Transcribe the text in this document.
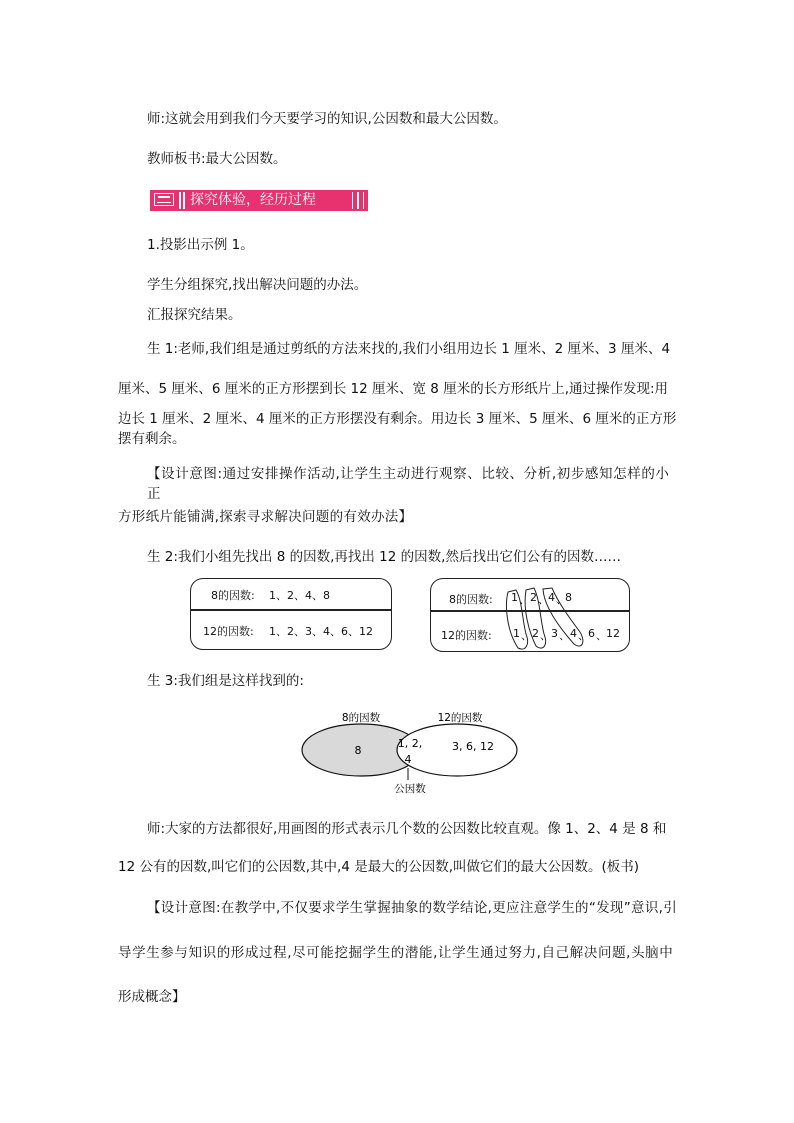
师:这就会用到我们今天要学习的知识,公因数和最大公因数。
教师板书:最大公因数。
探究体验，经历过程
1.投影出示例 1。
学生分组探究,找出解决问题的办法。
汇报探究结果。
生 1:老师,我们组是通过剪纸的方法来找的,我们小组用边长 1 厘米、2 厘米、3 厘米、4
厘米、5 厘米、6 厘米的正方形摆到长 12 厘米、宽 8 厘米的长方形纸片上,通过操作发现:用
边长 1 厘米、2 厘米、4 厘米的正方形摆没有剩余。用边长 3 厘米、5 厘米、6 厘米的正方形
摆有剩余。
【设计意图:通过安排操作活动,让学生主动进行观察、比较、分析,初步感知怎样的小正
方形纸片能铺满,探索寻求解决问题的有效办法】
生 2:我们小组先找出 8 的因数,再找出 12 的因数,然后找出它们公有的因数……
8的因数: 1、2、4、8
12的因数: 1、2、3、4、6、12
8的因数:
12的因数:
1 、 2 、 4 、
8
1 、 2 、 3 、 4 、 6 、 12
生 3:我们组是这样找到的:
8的因数	12的因数
8
1, 2,
4
3, 6, 12
公因数
师:大家的方法都很好,用画图的形式表示几个数的公因数比较直观。像 1、2、4 是 8 和
12 公有的因数,叫它们的公因数,其中,4 是最大的公因数,叫做它们的最大公因数。(板书)
【设计意图:在教学中,不仅要求学生掌握抽象的数学结论,更应注意学生的“发现”意识,引
导学生参与知识的形成过程,尽可能挖掘学生的潜能,让学生通过努力,自己解决问题,头脑中
形成概念】
